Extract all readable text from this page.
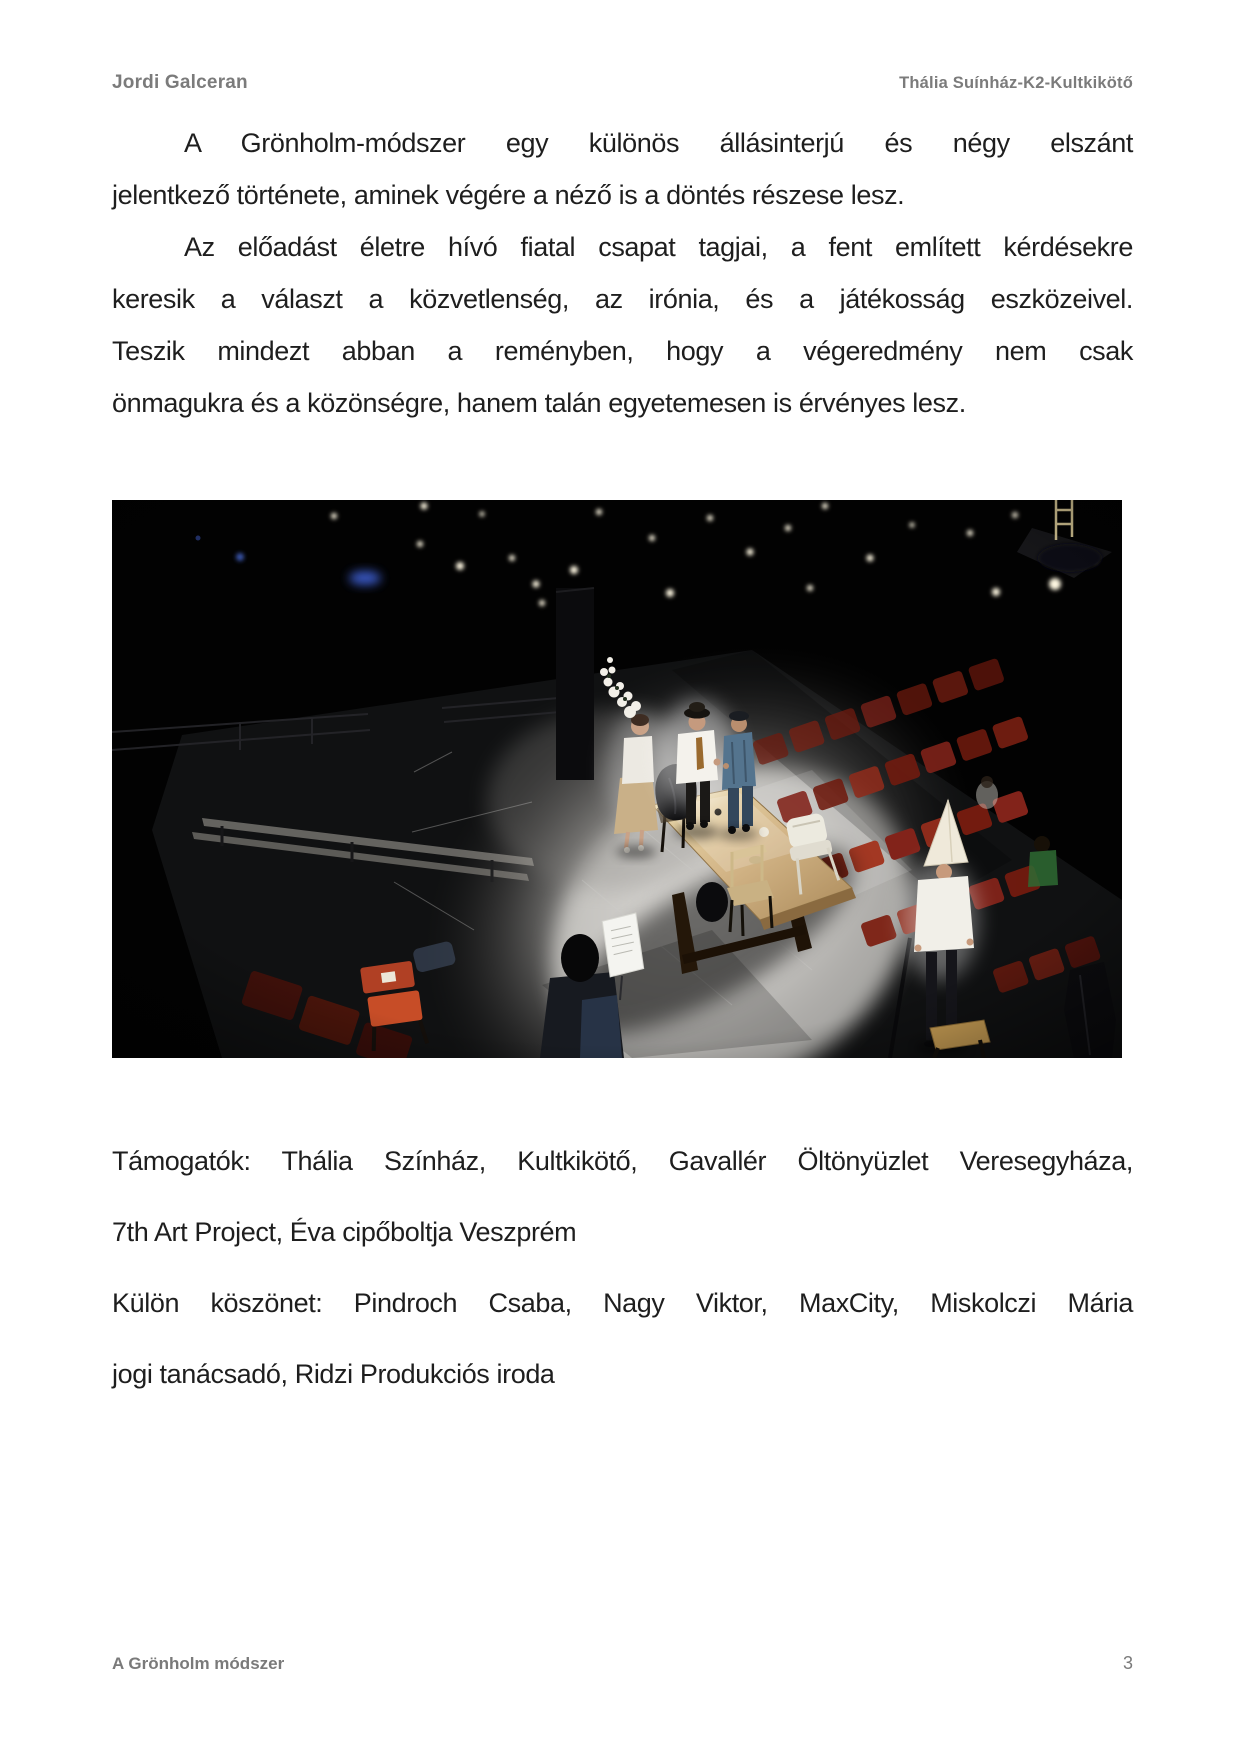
Jordi Galceran	Thália Suínház-K2-Kultkikötő
A Grönholm-módszer egy különös állásinterjú és négy elszánt
jelentkező története, aminek végére a néző is a döntés részese lesz.
Az előadást életre hívó fiatal csapat tagjai, a fent említett kérdésekre
keresik a választ a közvetlenség, az irónia, és a játékosság eszközeivel.
Teszik mindezt abban a reményben, hogy a végeredmény nem csak
önmagukra és a közönségre, hanem talán egyetemesen is érvényes lesz.
Támogatók: Thália Színház, Kultkikötő, Gavallér Öltönyüzlet Veresegyháza,
7th Art Project, Éva cipőboltja Veszprém
Külön köszönet: Pindroch Csaba, Nagy Viktor, MaxCity, Miskolczi Mária
jogi tanácsadó, Ridzi Produkciós iroda
A Grönholm módszer	3
